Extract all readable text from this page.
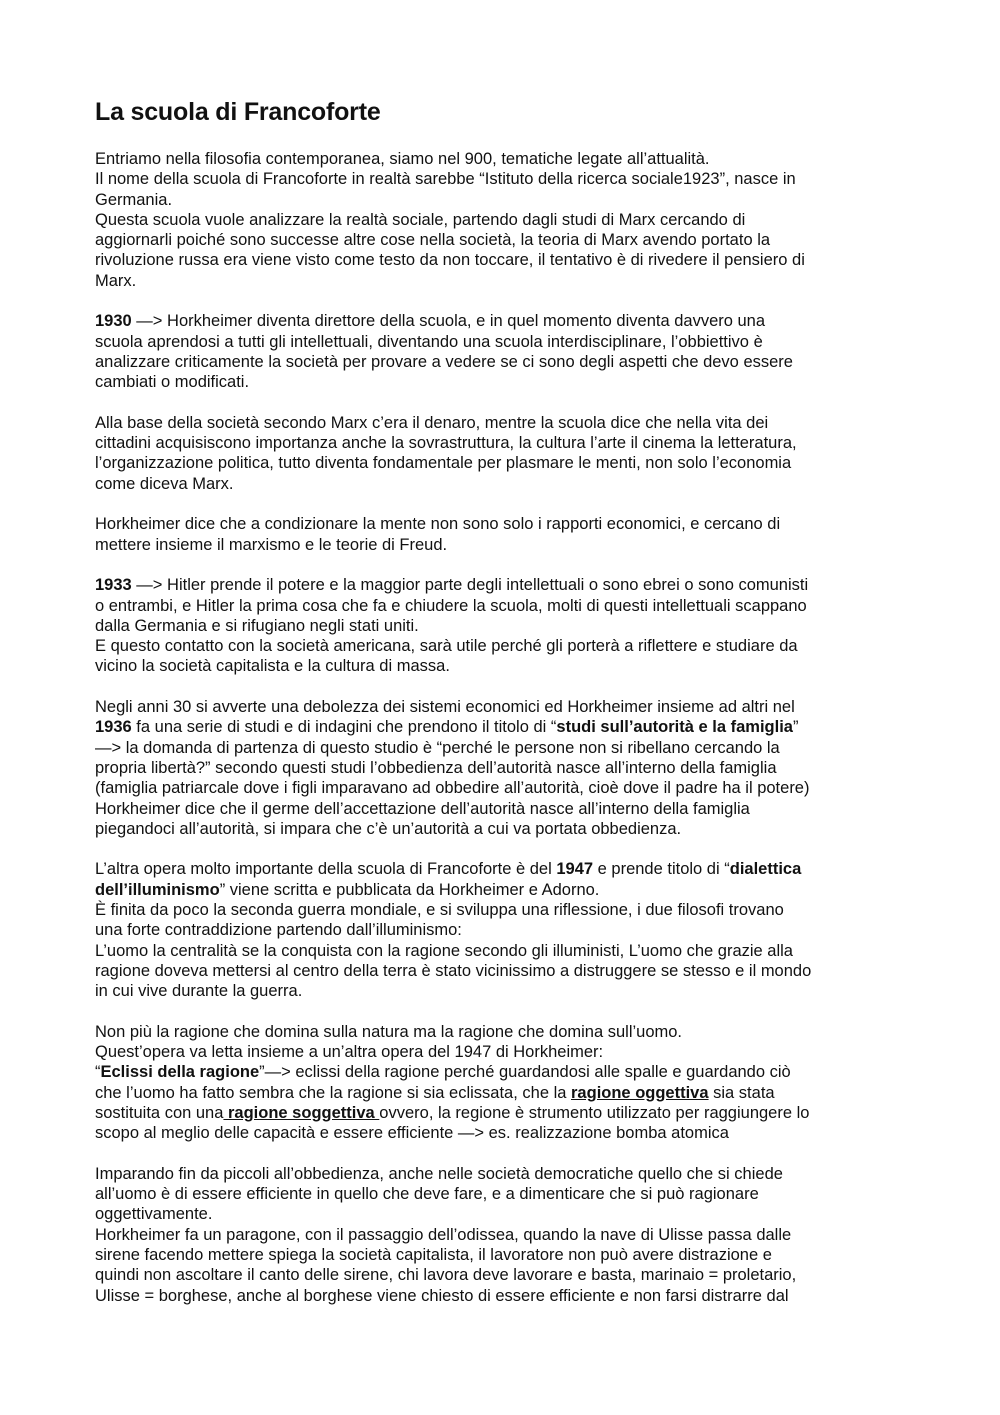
La scuola di Francoforte
Entriamo nella filosofia contemporanea, siamo nel 900, tematiche legate all’attualità.
Il nome della scuola di Francoforte in realtà sarebbe “Istituto della ricerca sociale1923”, nasce in
Germania.
Questa scuola vuole analizzare la realtà sociale, partendo dagli studi di Marx cercando di
aggiornarli poiché sono successe altre cose nella società, la teoria di Marx avendo portato la
rivoluzione russa era viene visto come testo da non toccare, il tentativo è di rivedere il pensiero di
Marx.
1930 —> Horkheimer diventa direttore della scuola, e in quel momento diventa davvero una
scuola aprendosi a tutti gli intellettuali, diventando una scuola interdisciplinare, l’obbiettivo è
analizzare criticamente la società per provare a vedere se ci sono degli aspetti che devo essere
cambiati o modificati.
Alla base della società secondo Marx c’era il denaro, mentre la scuola dice che nella vita dei
cittadini acquisiscono importanza anche la sovrastruttura, la cultura l’arte il cinema la letteratura,
l’organizzazione politica, tutto diventa fondamentale per plasmare le menti, non solo l’economia
come diceva Marx.
Horkheimer dice che a condizionare la mente non sono solo i rapporti economici, e cercano di
mettere insieme il marxismo e le teorie di Freud.
1933 —> Hitler prende il potere e la maggior parte degli intellettuali o sono ebrei o sono comunisti
o entrambi, e Hitler la prima cosa che fa e chiudere la scuola, molti di questi intellettuali scappano
dalla Germania e si rifugiano negli stati uniti.
E questo contatto con la società americana, sarà utile perché gli porterà a riflettere e studiare da
vicino la società capitalista e la cultura di massa.
Negli anni 30 si avverte una debolezza dei sistemi economici ed Horkheimer insieme ad altri nel
1936 fa una serie di studi e di indagini che prendono il titolo di “studi sull’autorità e la famiglia”
—> la domanda di partenza di questo studio è “perché le persone non si ribellano cercando la
propria libertà?” secondo questi studi l’obbedienza dell’autorità nasce all’interno della famiglia
(famiglia patriarcale dove i figli imparavano ad obbedire all’autorità, cioè dove il padre ha il potere)
Horkheimer dice che il germe dell’accettazione dell’autorità nasce all’interno della famiglia
piegandoci all’autorità, si impara che c’è un’autorità a cui va portata obbedienza.
L’altra opera molto importante della scuola di Francoforte è del 1947 e prende titolo di “dialettica
dell’illuminismo” viene scritta e pubblicata da Horkheimer e Adorno.
È finita da poco la seconda guerra mondiale, e si sviluppa una riflessione, i due filosofi trovano
una forte contraddizione partendo dall’illuminismo:
L’uomo la centralità se la conquista con la ragione secondo gli illuministi, L’uomo che grazie alla
ragione doveva mettersi al centro della terra è stato vicinissimo a distruggere se stesso e il mondo
in cui vive durante la guerra.
Non più la ragione che domina sulla natura ma la ragione che domina sull’uomo.
Quest’opera va letta insieme a un’altra opera del 1947 di Horkheimer:
“Eclissi della ragione”—> eclissi della ragione perché guardandosi alle spalle e guardando ciò
che l’uomo ha fatto sembra che la ragione si sia eclissata, che la ragione oggettiva sia stata
sostituita con una ragione soggettiva ovvero, la regione è strumento utilizzato per raggiungere lo
scopo al meglio delle capacità e essere efficiente —> es. realizzazione bomba atomica
Imparando fin da piccoli all’obbedienza, anche nelle società democratiche quello che si chiede
all’uomo è di essere efficiente in quello che deve fare, e a dimenticare che si può ragionare
oggettivamente.
Horkheimer fa un paragone, con il passaggio dell’odissea, quando la nave di Ulisse passa dalle
sirene facendo mettere spiega la società capitalista, il lavoratore non può avere distrazione e
quindi non ascoltare il canto delle sirene, chi lavora deve lavorare e basta, marinaio = proletario,
Ulisse = borghese, anche al borghese viene chiesto di essere efficiente e non farsi distrarre dal
